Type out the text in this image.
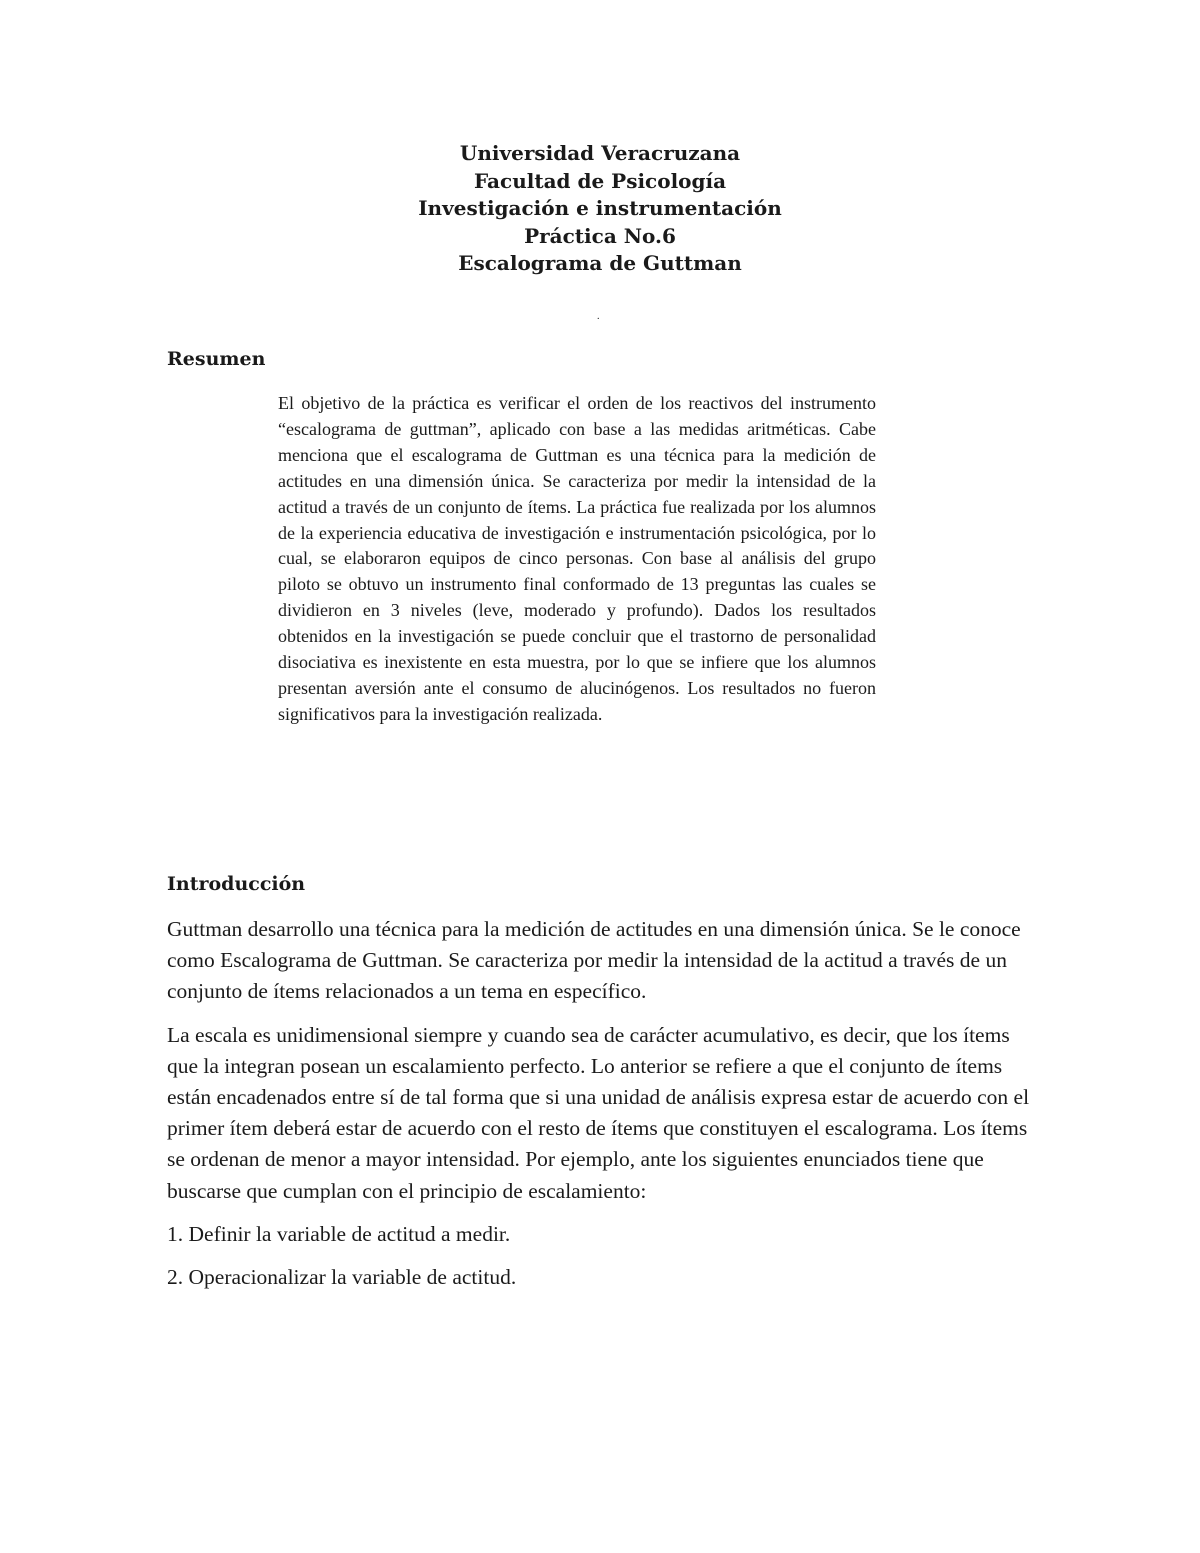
Universidad Veracruzana
Facultad de Psicología
Investigación e instrumentación
Práctica No.6
Escalograma de Guttman
.
Resumen

El objetivo de la práctica es verificar el orden de los reactivos del instrumento “escalograma de guttman”, aplicado con base a las medidas aritméticas. Cabe menciona que el escalograma de Guttman es una técnica para la medición de actitudes en una dimensión única. Se caracteriza por medir la intensidad de la actitud a través de un conjunto de ítems. La práctica fue realizada por los alumnos de la experiencia educativa de investigación e instrumentación psicológica, por lo cual, se elaboraron equipos de cinco personas. Con base al análisis del grupo piloto se obtuvo un instrumento final conformado de 13 preguntas las cuales se dividieron en 3 niveles (leve, moderado y profundo). Dados los resultados obtenidos en la investigación se puede concluir que el trastorno de personalidad disociativa es inexistente en esta muestra, por lo que se infiere que los alumnos presentan aversión ante el consumo de alucinógenos. Los resultados no fueron significativos para la investigación realizada.

Introducción

Guttman desarrollo una técnica para la medición de actitudes en una dimensión única. Se le conoce como Escalograma de Guttman. Se caracteriza por medir la intensidad de la actitud a través de un conjunto de ítems relacionados a un tema en específico.

La escala es unidimensional siempre y cuando sea de carácter acumulativo, es decir, que los ítems que la integran posean un escalamiento perfecto. Lo anterior se refiere a que el conjunto de ítems están encadenados entre sí de tal forma que si una unidad de análisis expresa estar de acuerdo con el primer ítem deberá estar de acuerdo con el resto de ítems que constituyen el escalograma. Los ítems se ordenan de menor a mayor intensidad. Por ejemplo, ante los siguientes enunciados tiene que buscarse que cumplan con el principio de escalamiento:

1. Definir la variable de actitud a medir.

2. Operacionalizar la variable de actitud.
